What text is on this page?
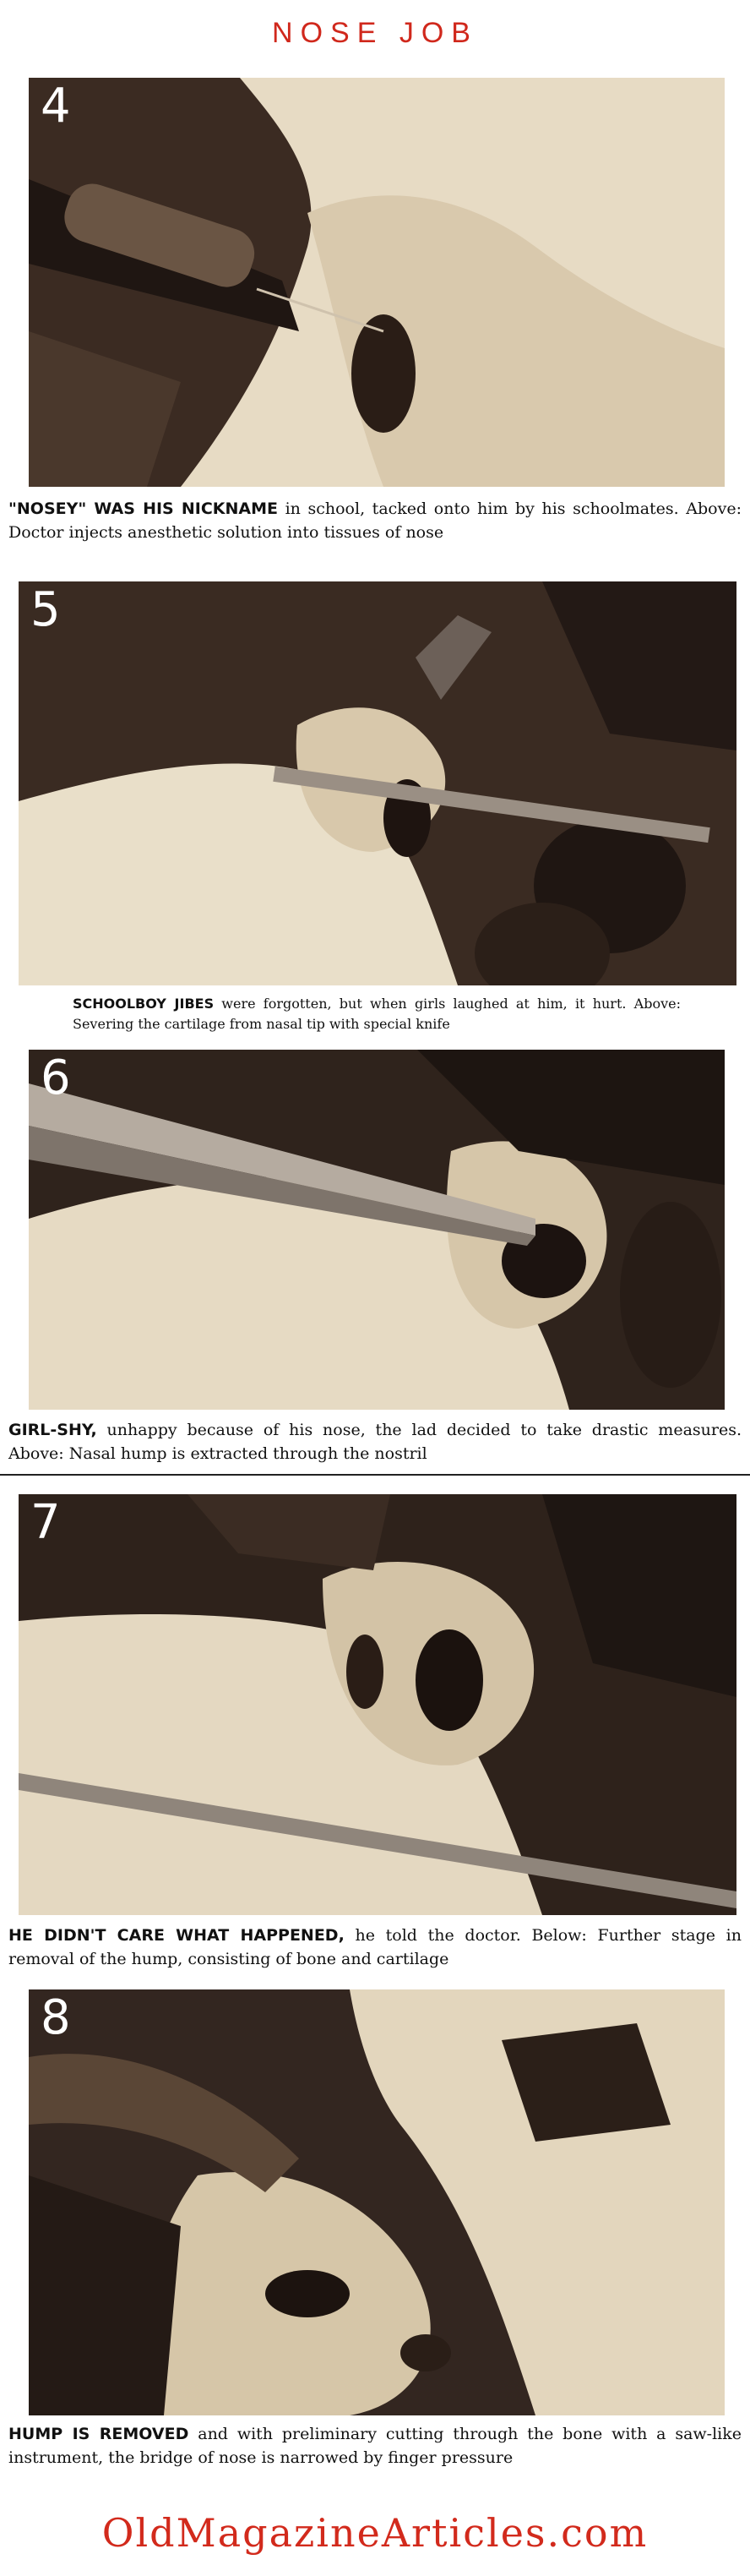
NOSE JOB
4
"NOSEY" WAS HIS NICKNAME in school, tacked onto him by his schoolmates. Above: Doctor injects anesthetic solution into tissues of nose
5
SCHOOLBOY JIBES were forgotten, but when girls laughed at him, it hurt. Above: Severing the cartilage from nasal tip with special knife
6
GIRL-SHY, unhappy because of his nose, the lad decided to take drastic measures. Above: Nasal hump is extracted through the nostril
7
HE DIDN'T CARE WHAT HAPPENED, he told the doctor. Below: Further stage in removal of the hump, consisting of bone and cartilage
8
HUMP IS REMOVED and with preliminary cutting through the bone with a saw-like instrument, the bridge of nose is narrowed by finger pressure
OldMagazineArticles.com
